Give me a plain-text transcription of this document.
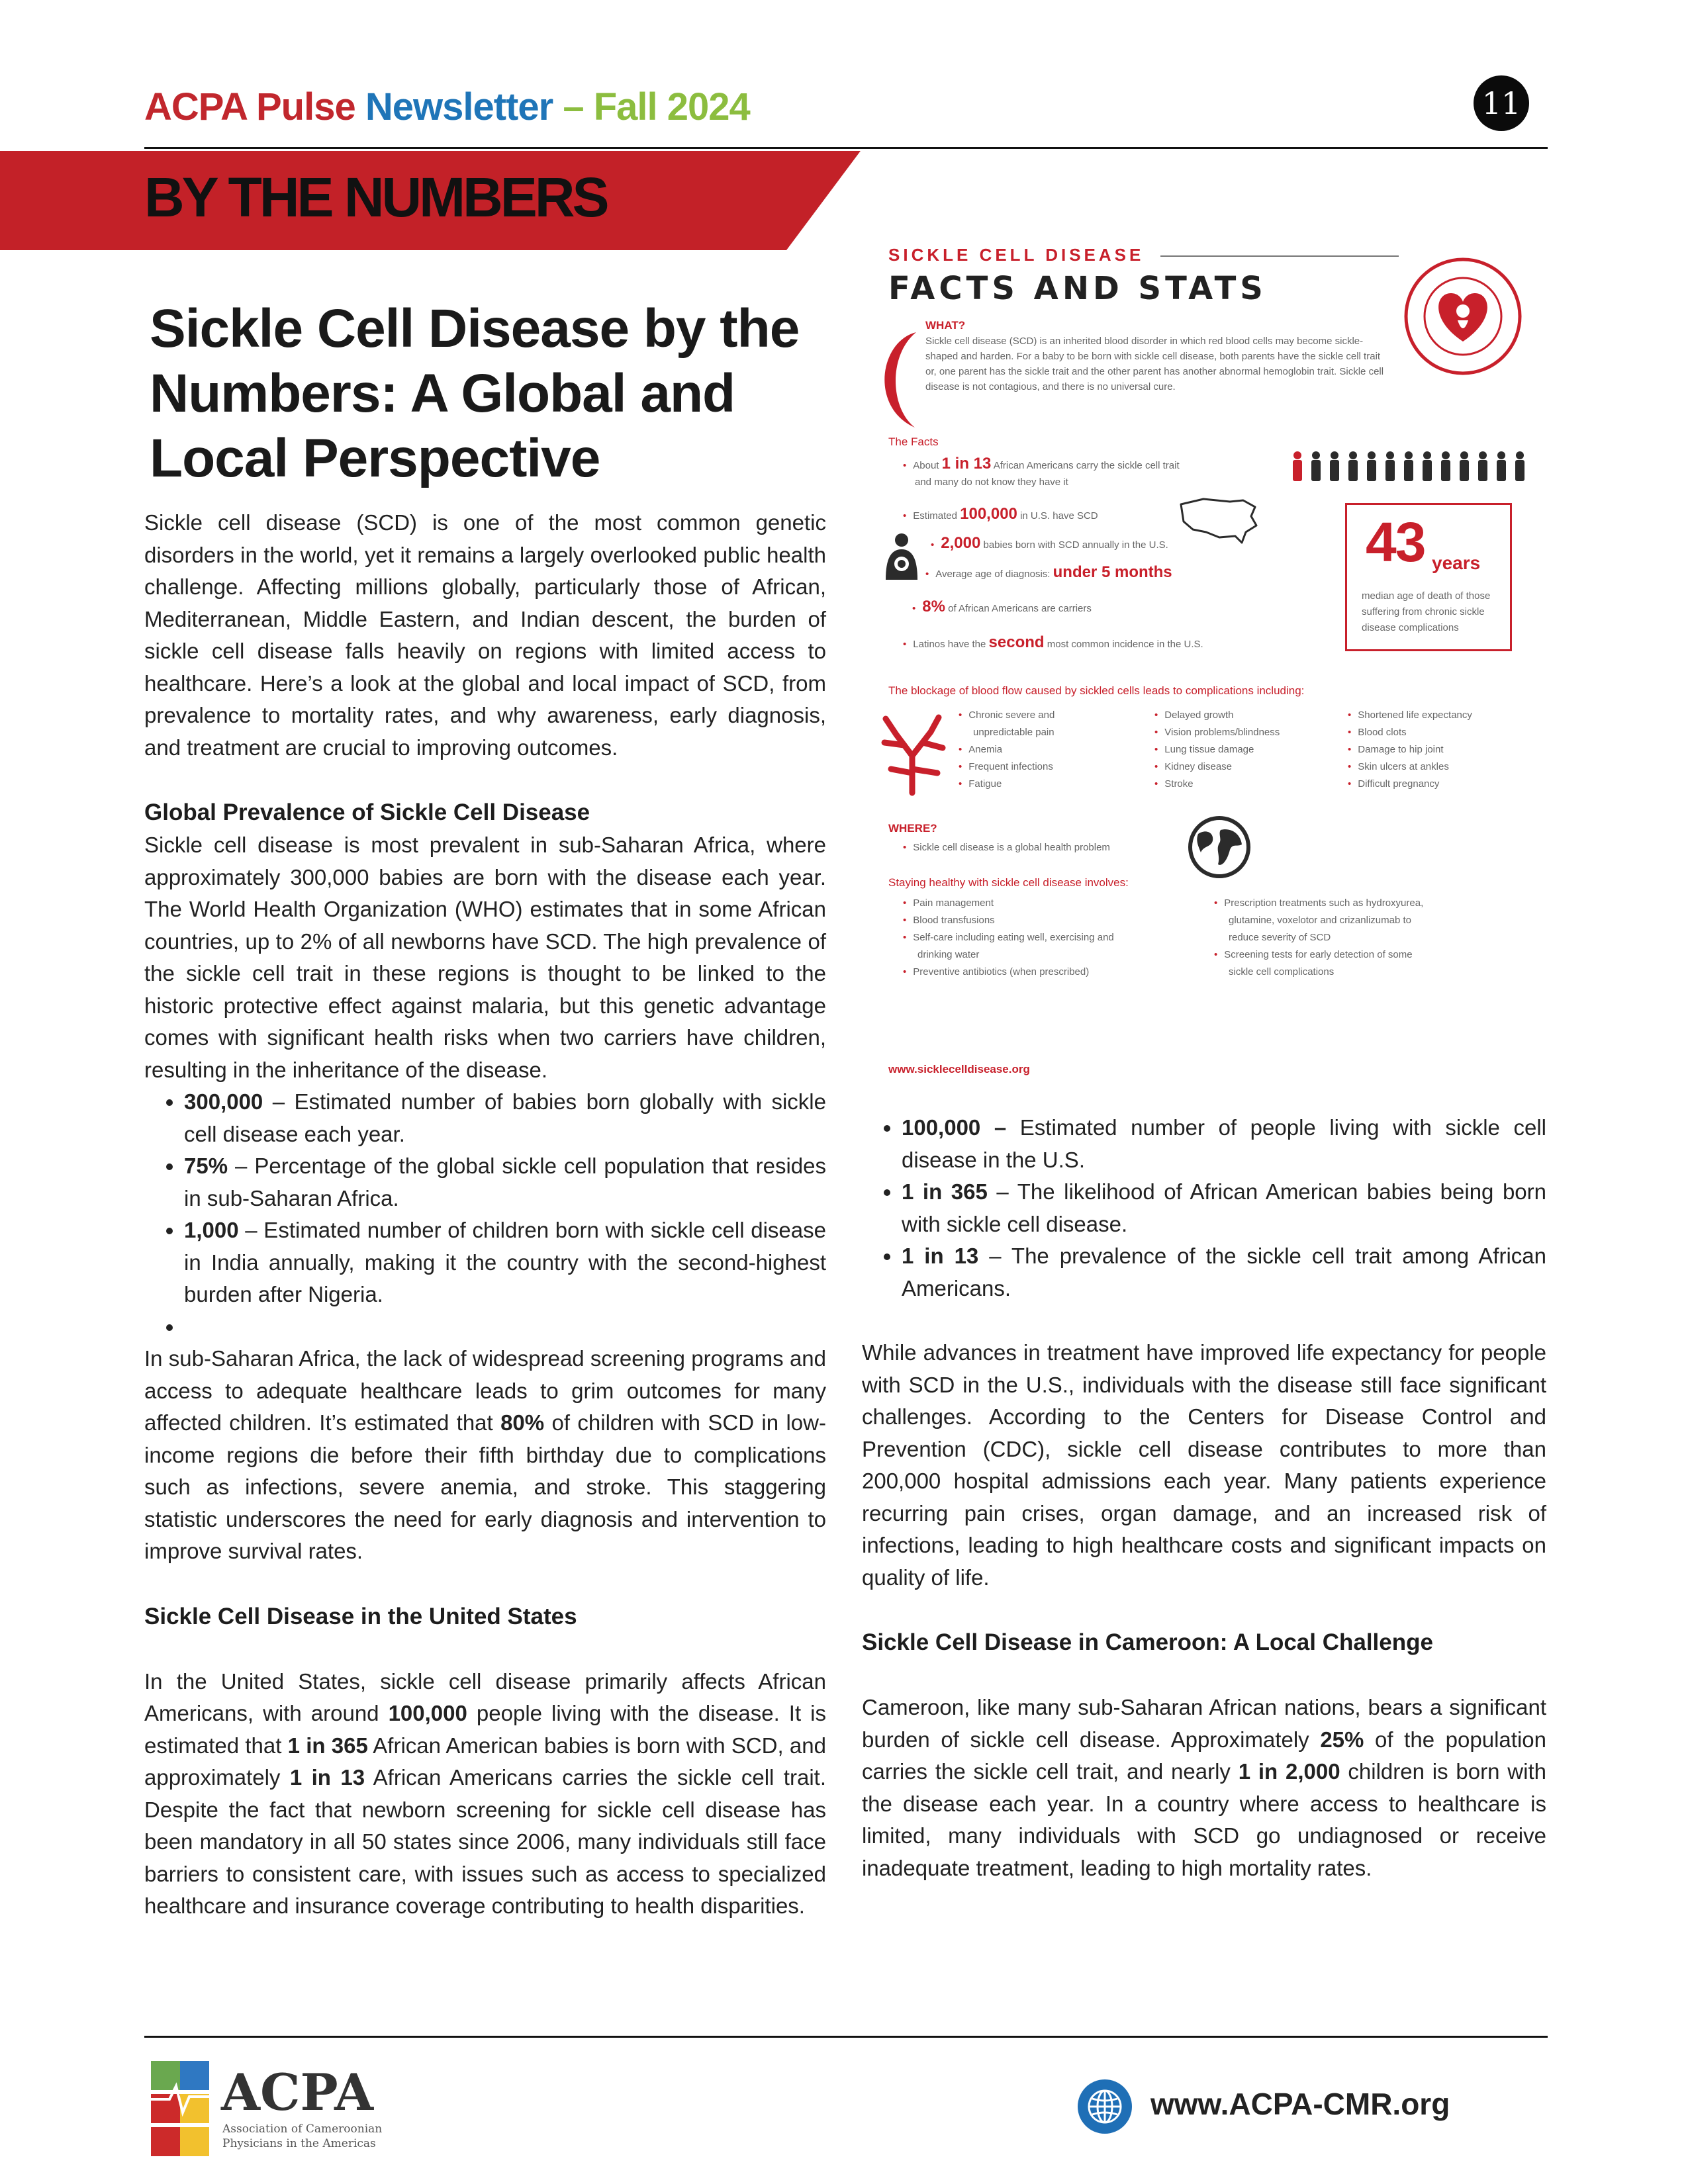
ACPA Pulse Newsletter – Fall 2024	11
BY THE NUMBERS
Sickle Cell Disease by the Numbers: A Global and Local Perspective

Sickle cell disease (SCD) is one of the most common genetic disorders in the world, yet it remains a largely overlooked public health challenge. Affecting millions globally, particularly those of African, Mediterranean, Middle Eastern, and Indian descent, the burden of sickle cell disease falls heavily on regions with limited access to healthcare. Here’s a look at the global and local impact of SCD, from prevalence to mortality rates, and why awareness, early diagnosis, and treatment are crucial to improving outcomes.

Global Prevalence of Sickle Cell Disease

Sickle cell disease is most prevalent in sub-Saharan Africa, where approximately 300,000 babies are born with the disease each year. The World Health Organization (WHO) estimates that in some African countries, up to 2% of all newborns have SCD. The high prevalence of the sickle cell trait in these regions is thought to be linked to the historic protective effect against malaria, but this genetic advantage comes with significant health risks when two carriers have children, resulting in the inheritance of the disease.

• 300,000 – Estimated number of babies born globally with sickle cell disease each year.
• 75% – Percentage of the global sickle cell population that resides in sub-Saharan Africa.
• 1,000 – Estimated number of children born with sickle cell disease in India annually, making it the country with the second-highest burden after Nigeria.
•

In sub-Saharan Africa, the lack of widespread screening programs and access to adequate healthcare leads to grim outcomes for many affected children. It’s estimated that 80% of children with SCD in low-income regions die before their fifth birthday due to complications such as infections, severe anemia, and stroke. This staggering statistic underscores the need for early diagnosis and intervention to improve survival rates.

Sickle Cell Disease in the United States

In the United States, sickle cell disease primarily affects African Americans, with around 100,000 people living with the disease. It is estimated that 1 in 365 African American babies is born with SCD, and approximately 1 in 13 African Americans carries the sickle cell trait. Despite the fact that newborn screening for sickle cell disease has been mandatory in all 50 states since 2006, many individuals still face barriers to consistent care, with issues such as access to specialized healthcare and insurance coverage contributing to health disparities.

SICKLE CELL DISEASE
FACTS AND STATS
WHAT?
Sickle cell disease (SCD) is an inherited blood disorder in which red blood cells may become sickle-shaped and harden. For a baby to be born with sickle cell disease, both parents have the sickle cell trait or, one parent has the sickle trait and the other parent has another abnormal hemoglobin trait. Sickle cell disease is not contagious, and there is no universal cure.
The Facts
• About 1 in 13 African Americans carry the sickle cell trait
and many do not know they have it
• Estimated 100,000 in U.S. have SCD
• 2,000 babies born with SCD annually in the U.S.
• Average age of diagnosis: under 5 months
• 8% of African Americans are carriers
• Latinos have the second most common incidence in the U.S.
43 years
median age of death of those suffering from chronic sickle disease complications
The blockage of blood flow caused by sickled cells leads to complications including:
• Chronic severe and
unpredictable pain
• Anemia
• Frequent infections
• Fatigue
• Delayed growth
• Vision problems/blindness
• Lung tissue damage
• Kidney disease
• Stroke
• Shortened life expectancy
• Blood clots
• Damage to hip joint
• Skin ulcers at ankles
• Difficult pregnancy
WHERE?
• Sickle cell disease is a global health problem
Staying healthy with sickle cell disease involves:
• Pain management
• Blood transfusions
• Self-care including eating well, exercising and
drinking water
• Preventive antibiotics (when prescribed)
• Prescription treatments such as hydroxyurea,
glutamine, voxelotor and crizanlizumab to
reduce severity of SCD
• Screening tests for early detection of some
sickle cell complications
www.sicklecelldisease.org
• 100,000 – Estimated number of people living with sickle cell disease in the U.S.
• 1 in 365 – The likelihood of African American babies being born with sickle cell disease.
• 1 in 13 – The prevalence of the sickle cell trait among African Americans.

While advances in treatment have improved life expectancy for people with SCD in the U.S., individuals with the disease still face significant challenges. According to the Centers for Disease Control and Prevention (CDC), sickle cell disease contributes to more than 200,000 hospital admissions each year. Many patients experience recurring pain crises, organ damage, and an increased risk of infections, leading to high healthcare costs and significant impacts on quality of life.

Sickle Cell Disease in Cameroon: A Local Challenge

Cameroon, like many sub-Saharan African nations, bears a significant burden of sickle cell disease. Approximately 25% of the population carries the sickle cell trait, and nearly 1 in 2,000 children is born with the disease each year. In a country where access to healthcare is limited, many individuals with SCD go undiagnosed or receive inadequate treatment, leading to high mortality rates.

ACPA
Association of Cameroonian
Physicians in the Americas
www.ACPA-CMR.org
